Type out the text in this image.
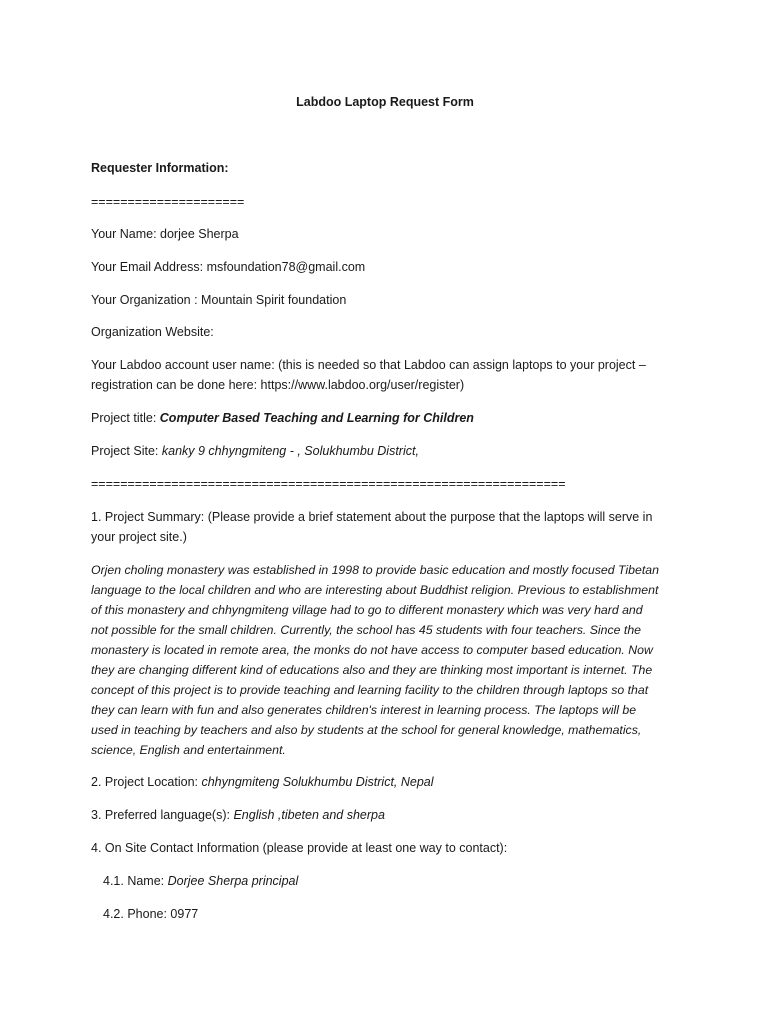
Labdoo Laptop Request Form
Requester Information:
=====================
Your Name: dorjee Sherpa
Your Email Address: msfoundation78@gmail.com
Your Organization : Mountain Spirit foundation
Organization Website:
Your Labdoo account user name: (this is needed so that Labdoo can assign laptops to your project –
registration can be done here: https://www.labdoo.org/user/register)
Project title: Computer Based Teaching and Learning for Children
Project Site: kanky 9 chhyngmiteng - , Solukhumbu District,
=================================================================
1. Project Summary: (Please provide a brief statement about the purpose that the laptops will serve in
your project site.)
Orjen choling monastery was established in 1998 to provide basic education and mostly focused Tibetan
language to the local children and who are interesting about Buddhist religion. Previous to establishment
of this monastery and chhyngmiteng village had to go to different monastery which was very hard and
not possible for the small children. Currently, the school has 45 students with four teachers. Since the
monastery is located in remote area, the monks do not have access to computer based education. Now
they are changing different kind of educations also and they are thinking most important is internet. The
concept of this project is to provide teaching and learning facility to the children through laptops so that
they can learn with fun and also generates children's interest in learning process. The laptops will be
used in teaching by teachers and also by students at the school for general knowledge, mathematics,
science, English and entertainment.
2. Project Location: chhyngmiteng Solukhumbu District, Nepal
3. Preferred language(s): English ,tibeten and sherpa
4. On Site Contact Information (please provide at least one way to contact):
4.1. Name: Dorjee Sherpa principal
4.2. Phone: 0977
